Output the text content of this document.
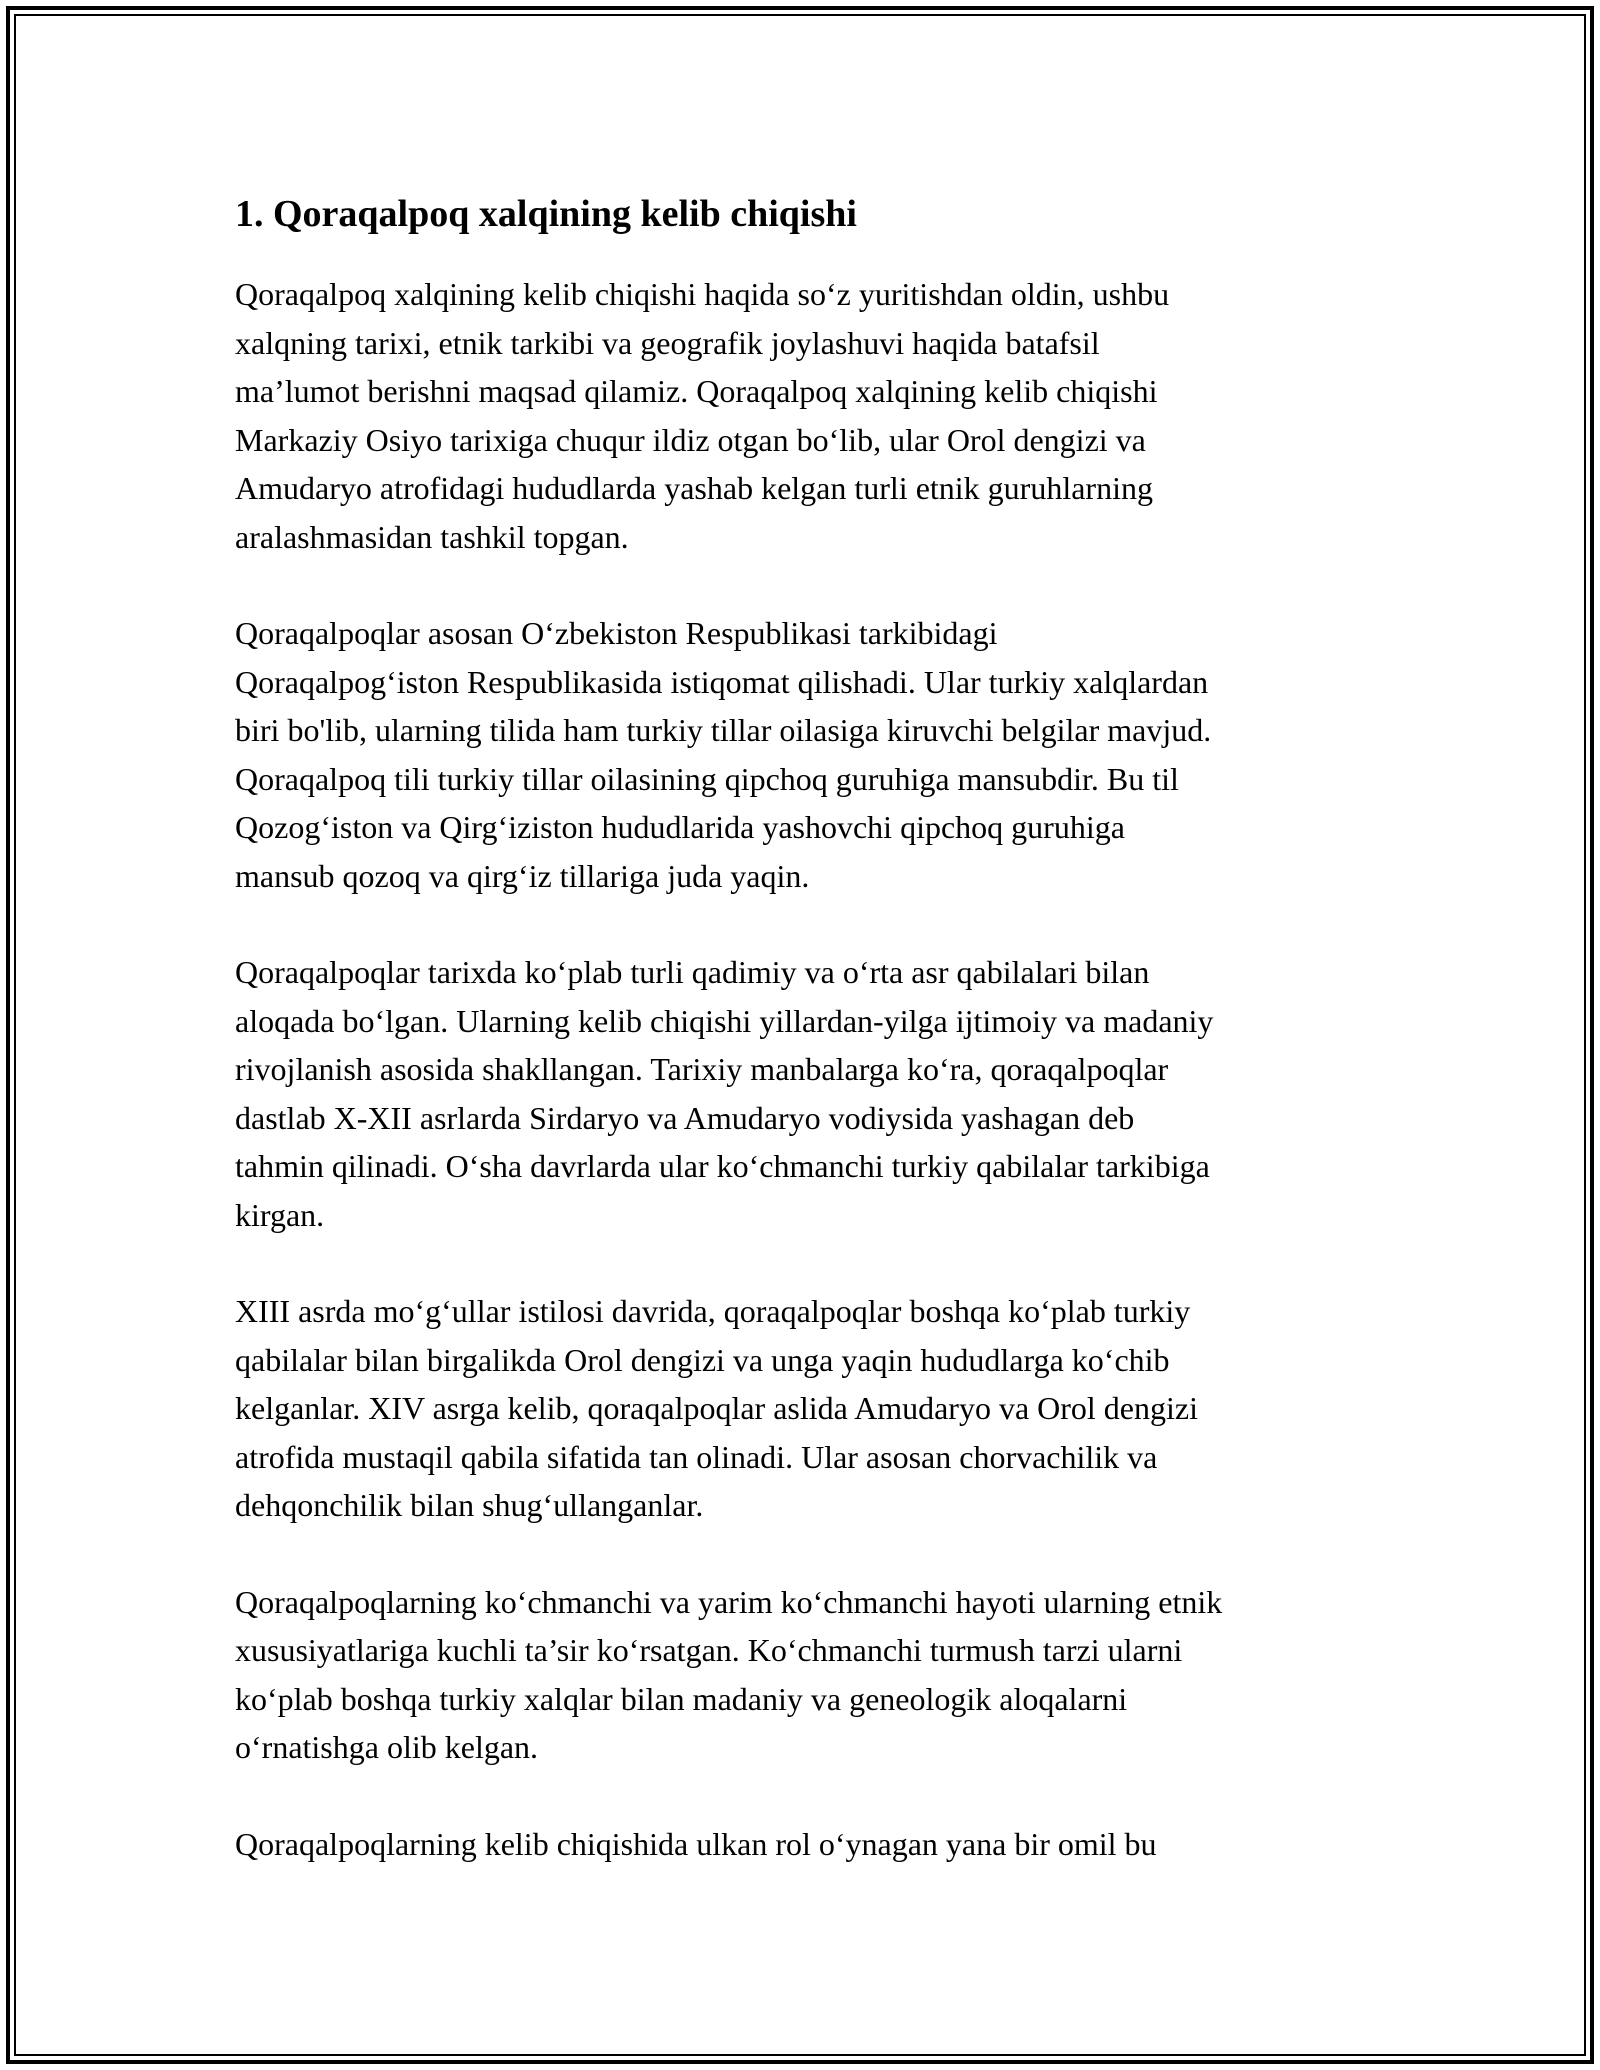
1. Qoraqalpoq xalqining kelib chiqishi

Qoraqalpoq xalqining kelib chiqishi haqida so‘z yuritishdan oldin, ushbu
xalqning tarixi, etnik tarkibi va geografik joylashuvi haqida batafsil
ma’lumot berishni maqsad qilamiz. Qoraqalpoq xalqining kelib chiqishi
Markaziy Osiyo tarixiga chuqur ildiz otgan bo‘lib, ular Orol dengizi va
Amudaryo atrofidagi hududlarda yashab kelgan turli etnik guruhlarning
aralashmasidan tashkil topgan.

Qoraqalpoqlar asosan O‘zbekiston Respublikasi tarkibidagi
Qoraqalpog‘iston Respublikasida istiqomat qilishadi. Ular turkiy xalqlardan
biri bo'lib, ularning tilida ham turkiy tillar oilasiga kiruvchi belgilar mavjud.
Qoraqalpoq tili turkiy tillar oilasining qipchoq guruhiga mansubdir. Bu til
Qozog‘iston va Qirg‘iziston hududlarida yashovchi qipchoq guruhiga
mansub qozoq va qirg‘iz tillariga juda yaqin.

Qoraqalpoqlar tarixda ko‘plab turli qadimiy va o‘rta asr qabilalari bilan
aloqada bo‘lgan. Ularning kelib chiqishi yillardan-yilga ijtimoiy va madaniy
rivojlanish asosida shakllangan. Tarixiy manbalarga ko‘ra, qoraqalpoqlar
dastlab X-XII asrlarda Sirdaryo va Amudaryo vodiysida yashagan deb
tahmin qilinadi. O‘sha davrlarda ular ko‘chmanchi turkiy qabilalar tarkibiga
kirgan.

XIII asrda mo‘g‘ullar istilosi davrida, qoraqalpoqlar boshqa ko‘plab turkiy
qabilalar bilan birgalikda Orol dengizi va unga yaqin hududlarga ko‘chib
kelganlar. XIV asrga kelib, qoraqalpoqlar aslida Amudaryo va Orol dengizi
atrofida mustaqil qabila sifatida tan olinadi. Ular asosan chorvachilik va
dehqonchilik bilan shug‘ullanganlar.

Qoraqalpoqlarning ko‘chmanchi va yarim ko‘chmanchi hayoti ularning etnik
xususiyatlariga kuchli ta’sir ko‘rsatgan. Ko‘chmanchi turmush tarzi ularni
ko‘plab boshqa turkiy xalqlar bilan madaniy va geneologik aloqalarni
o‘rnatishga olib kelgan.

Qoraqalpoqlarning kelib chiqishida ulkan rol o‘ynagan yana bir omil bu
